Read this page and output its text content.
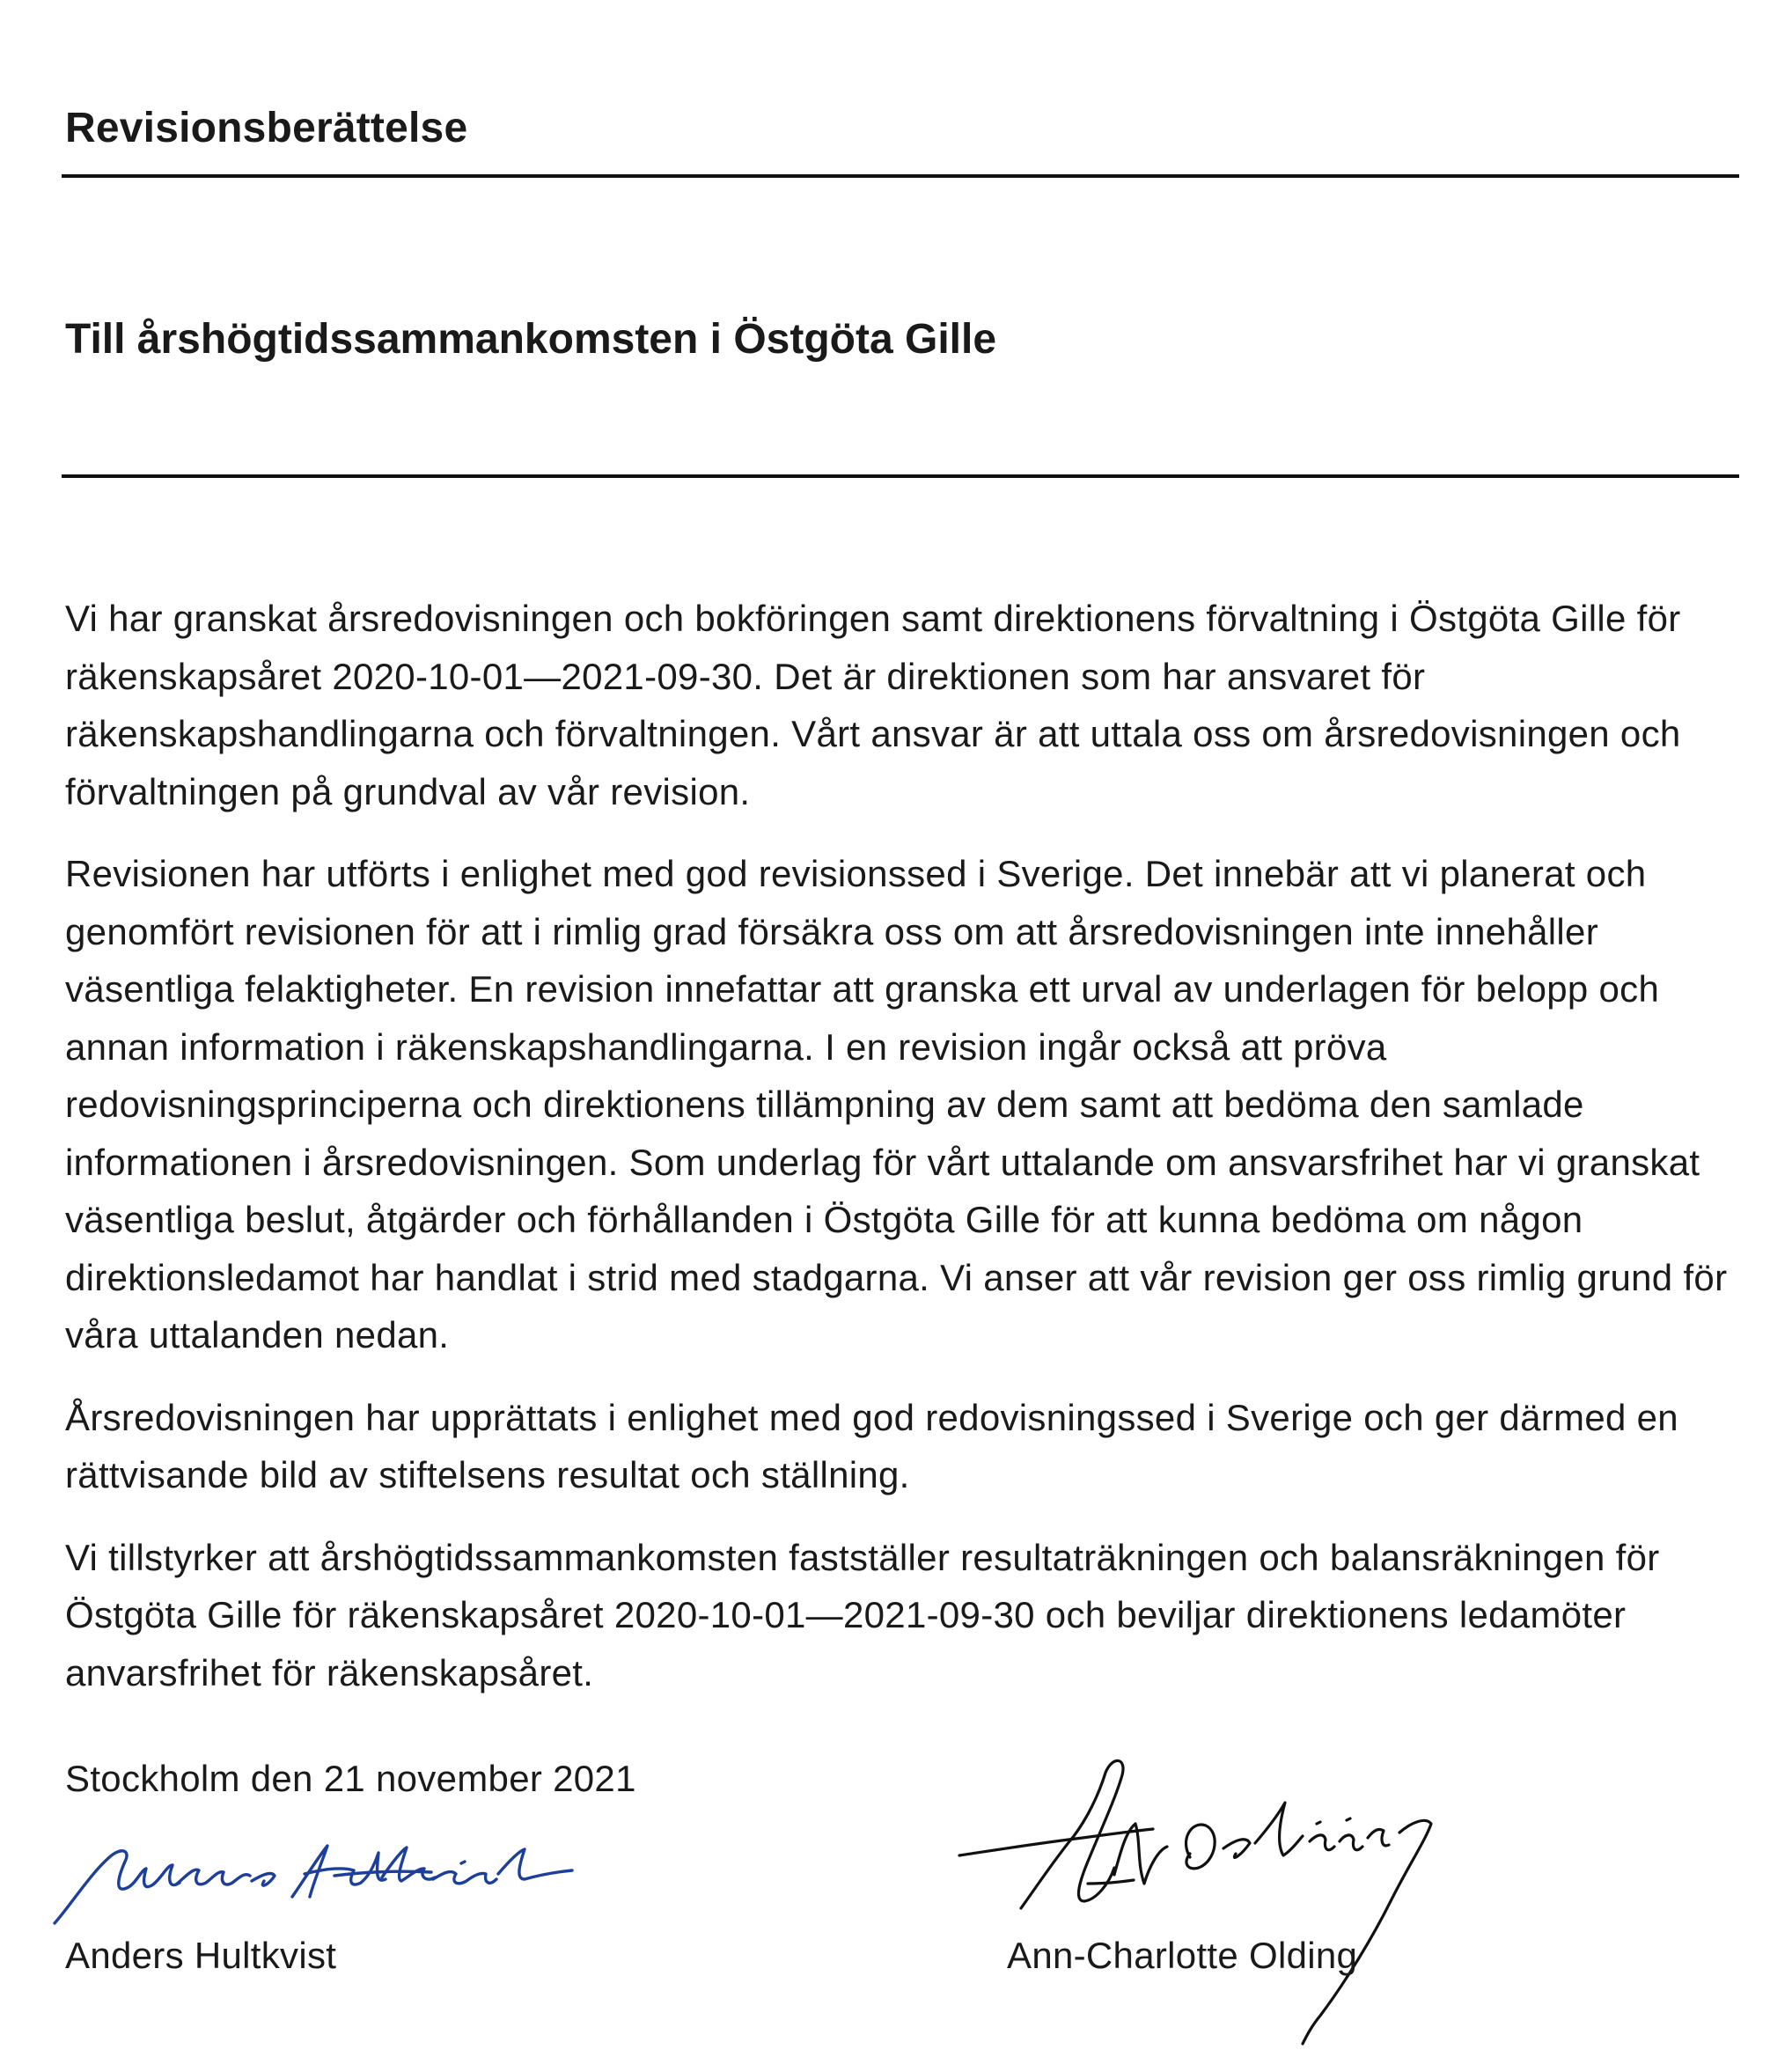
Revisionsberättelse
Till årshögtidssammankomsten i Östgöta Gille

Vi har granskat årsredovisningen och bokföringen samt direktionens förvaltning i Östgöta Gille för räkenskapsåret 2020-10-01—2021-09-30. Det är direktionen som har ansvaret för räkenskapshandlingarna och förvaltningen. Vårt ansvar är att uttala oss om årsredovisningen och förvaltningen på grundval av vår revision.

Revisionen har utförts i enlighet med god revisionssed i Sverige. Det innebär att vi planerat och genomfört revisionen för att i rimlig grad försäkra oss om att årsredovisningen inte innehåller väsentliga felaktigheter. En revision innefattar att granska ett urval av underlagen för belopp och annan information i räkenskapshandlingarna. I en revision ingår också att pröva redovisningsprinciperna och direktionens tillämpning av dem samt att bedöma den samlade informationen i årsredovisningen. Som underlag för vårt uttalande om ansvarsfrihet har vi granskat väsentliga beslut, åtgärder och förhållanden i Östgöta Gille för att kunna bedöma om någon direktionsledamot har handlat i strid med stadgarna. Vi anser att vår revision ger oss rimlig grund för våra uttalanden nedan.

Årsredovisningen har upprättats i enlighet med god redovisningssed i Sverige och ger därmed en rättvisande bild av stiftelsens resultat och ställning.

Vi tillstyrker att årshögtidssammankomsten fastställer resultaträkningen och balansräkningen för Östgöta Gille för räkenskapsåret 2020-10-01—2021-09-30 och beviljar direktionens ledamöter anvarsfrihet för räkenskapsåret.

Stockholm den 21 november 2021
Anders Hultkvist	Ann-Charlotte Olding
